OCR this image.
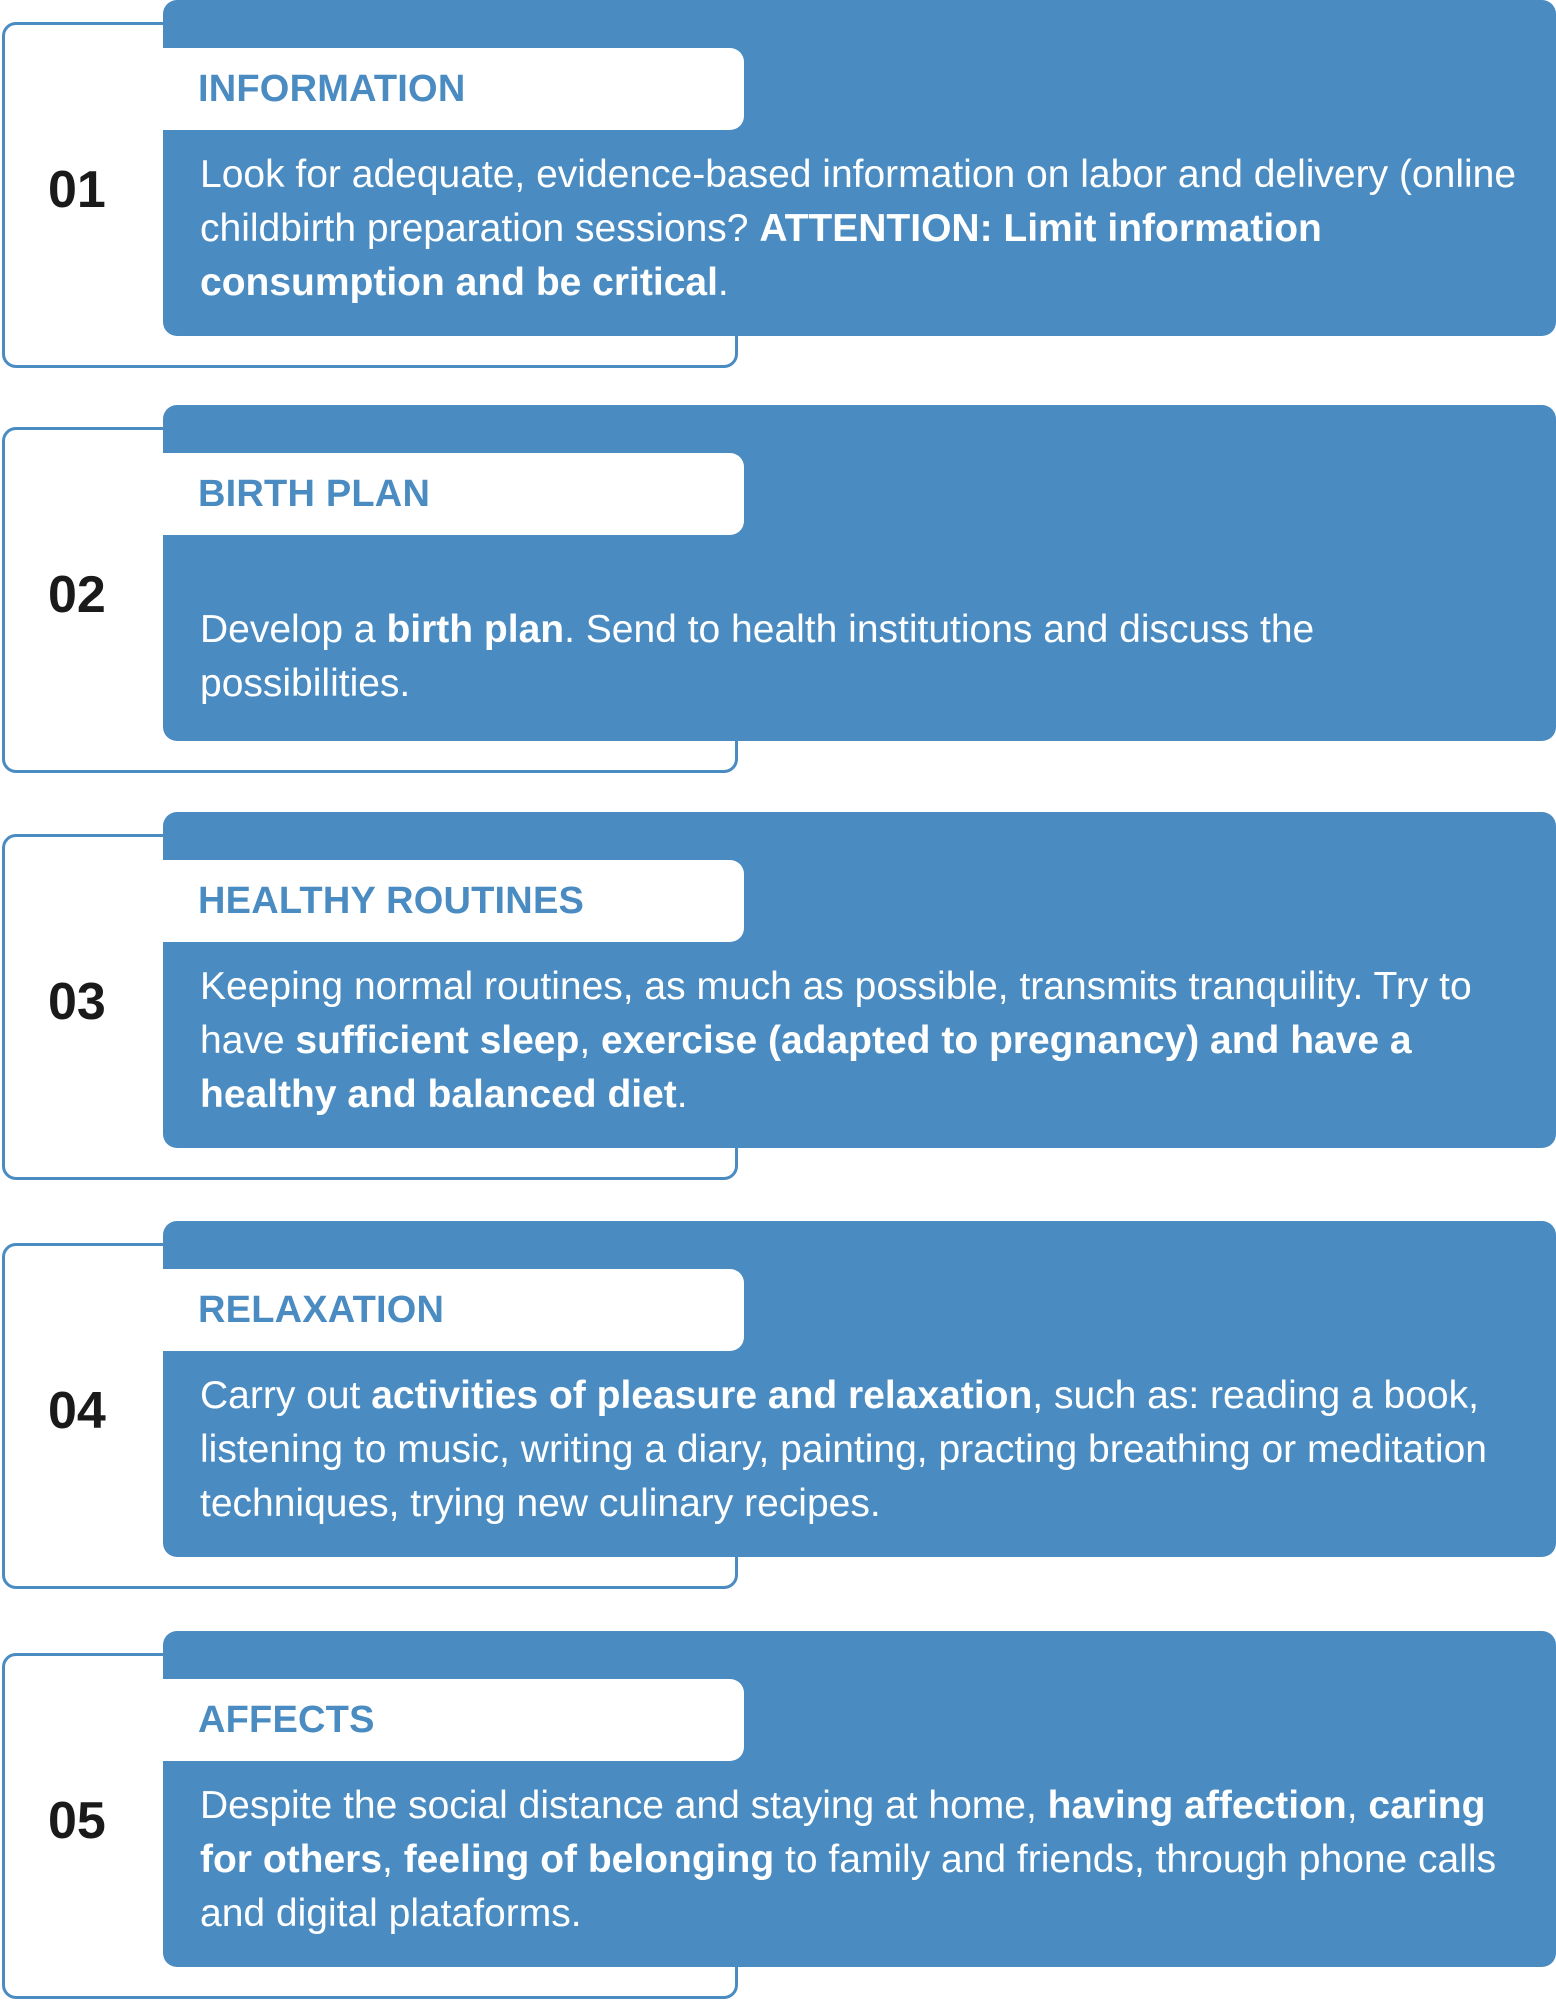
INFORMATION
01 Look for adequate, evidence-based information on labor and delivery (online childbirth preparation sessions? ATTENTION: Limit information consumption and be critical.
BIRTH PLAN
02
Develop a birth plan. Send to health institutions and discuss the possibilities.
HEALTHY ROUTINES
03 Keeping normal routines, as much as possible, transmits tranquility. Try to have sufficient sleep, exercise (adapted to pregnancy) and have a healthy and balanced diet.
RELAXATION
04 Carry out activities of pleasure and relaxation, such as: reading a book, listening to music, writing a diary, painting, practing breathing or meditation techniques, trying new culinary recipes.
AFFECTS
05 Despite the social distance and staying at home, having affection, caring for others, feeling of belonging to family and friends, through phone calls and digital plataforms.
